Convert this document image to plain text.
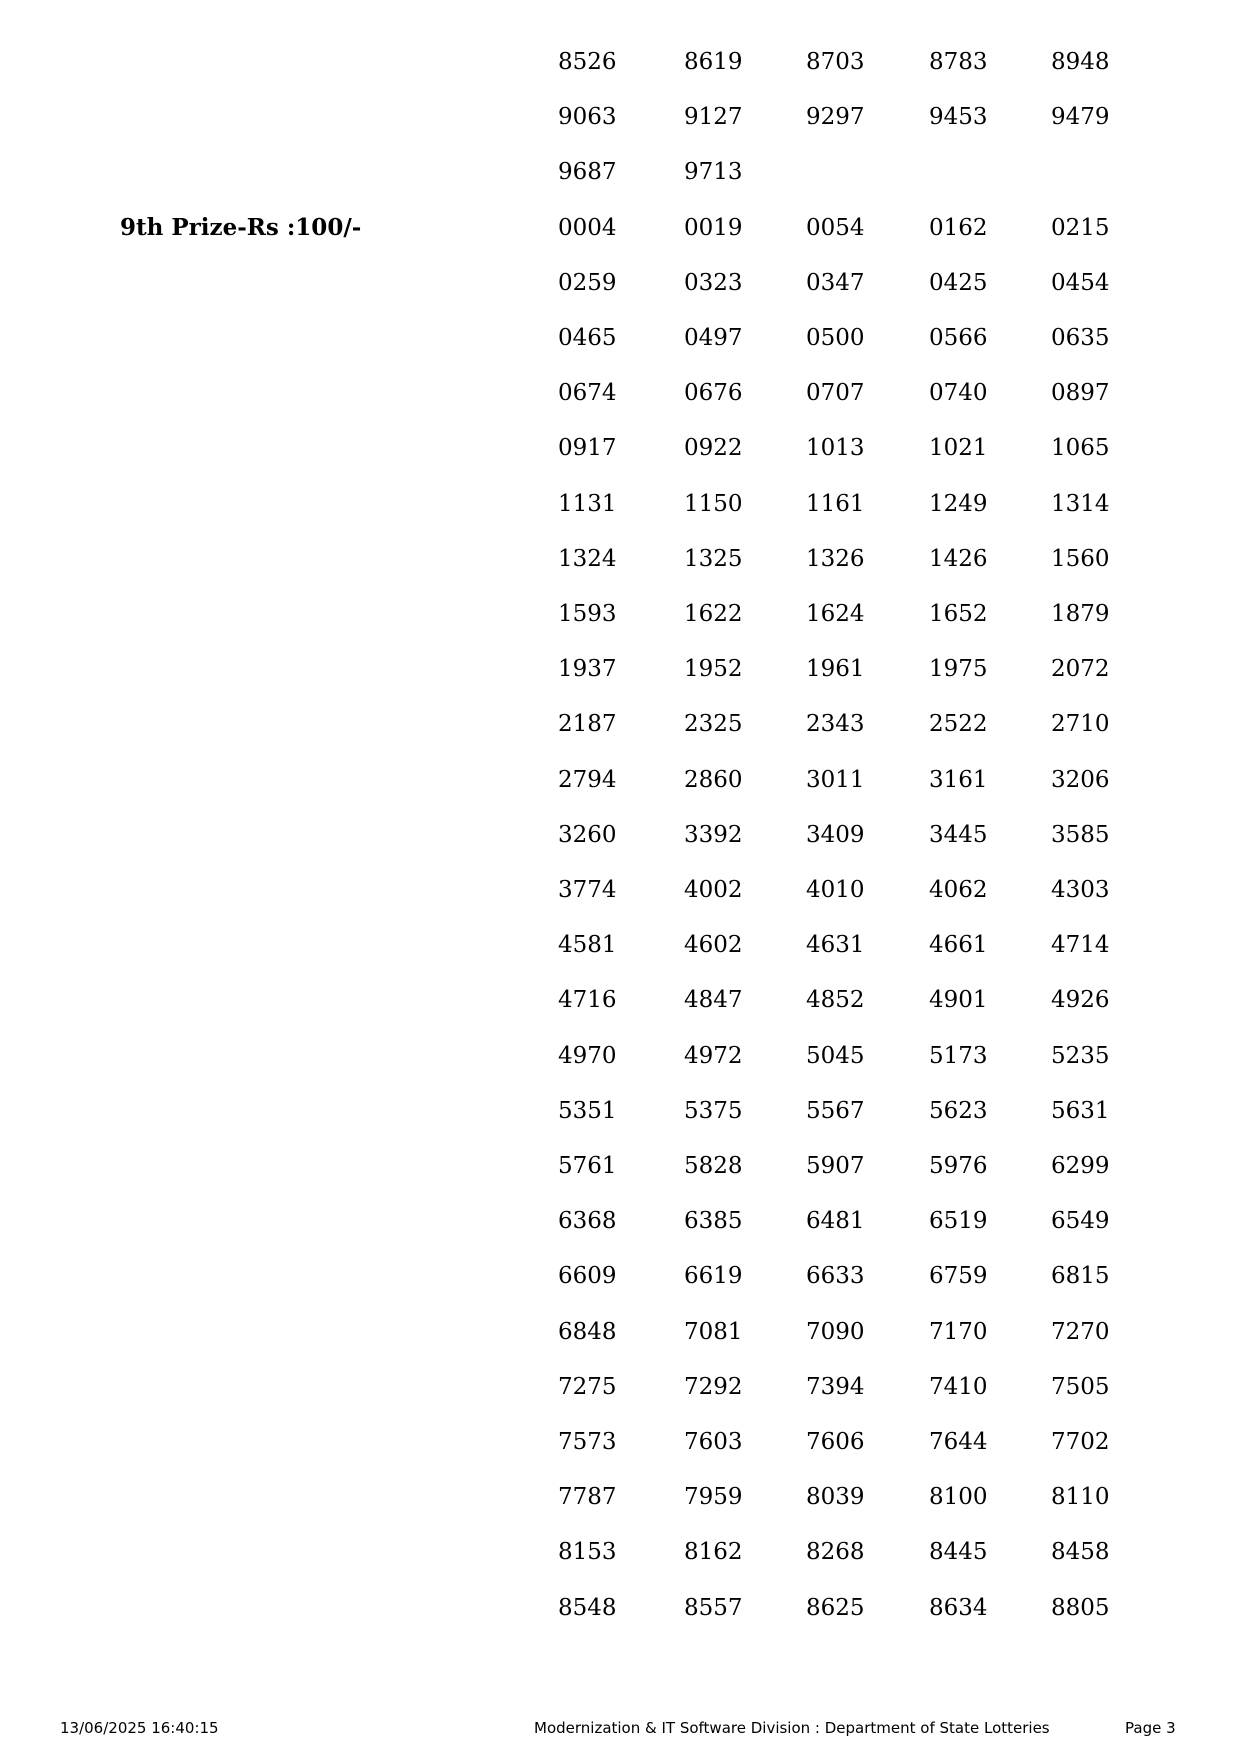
8526	8619	8703	8783	8948
9063	9127	9297	9453	9479
9687	9713
9th Prize-Rs :100/-	0004	0019	0054	0162	0215
0259	0323	0347	0425	0454
0465	0497	0500	0566	0635
0674	0676	0707	0740	0897
0917	0922	1013	1021	1065
1131	1150	1161	1249	1314
1324	1325	1326	1426	1560
1593	1622	1624	1652	1879
1937	1952	1961	1975	2072
2187	2325	2343	2522	2710
2794	2860	3011	3161	3206
3260	3392	3409	3445	3585
3774	4002	4010	4062	4303
4581	4602	4631	4661	4714
4716	4847	4852	4901	4926
4970	4972	5045	5173	5235
5351	5375	5567	5623	5631
5761	5828	5907	5976	6299
6368	6385	6481	6519	6549
6609	6619	6633	6759	6815
6848	7081	7090	7170	7270
7275	7292	7394	7410	7505
7573	7603	7606	7644	7702
7787	7959	8039	8100	8110
8153	8162	8268	8445	8458
8548	8557	8625	8634	8805
13/06/2025 16:40:15	Modernization & IT Software Division : Department of State Lotteries	Page 3
